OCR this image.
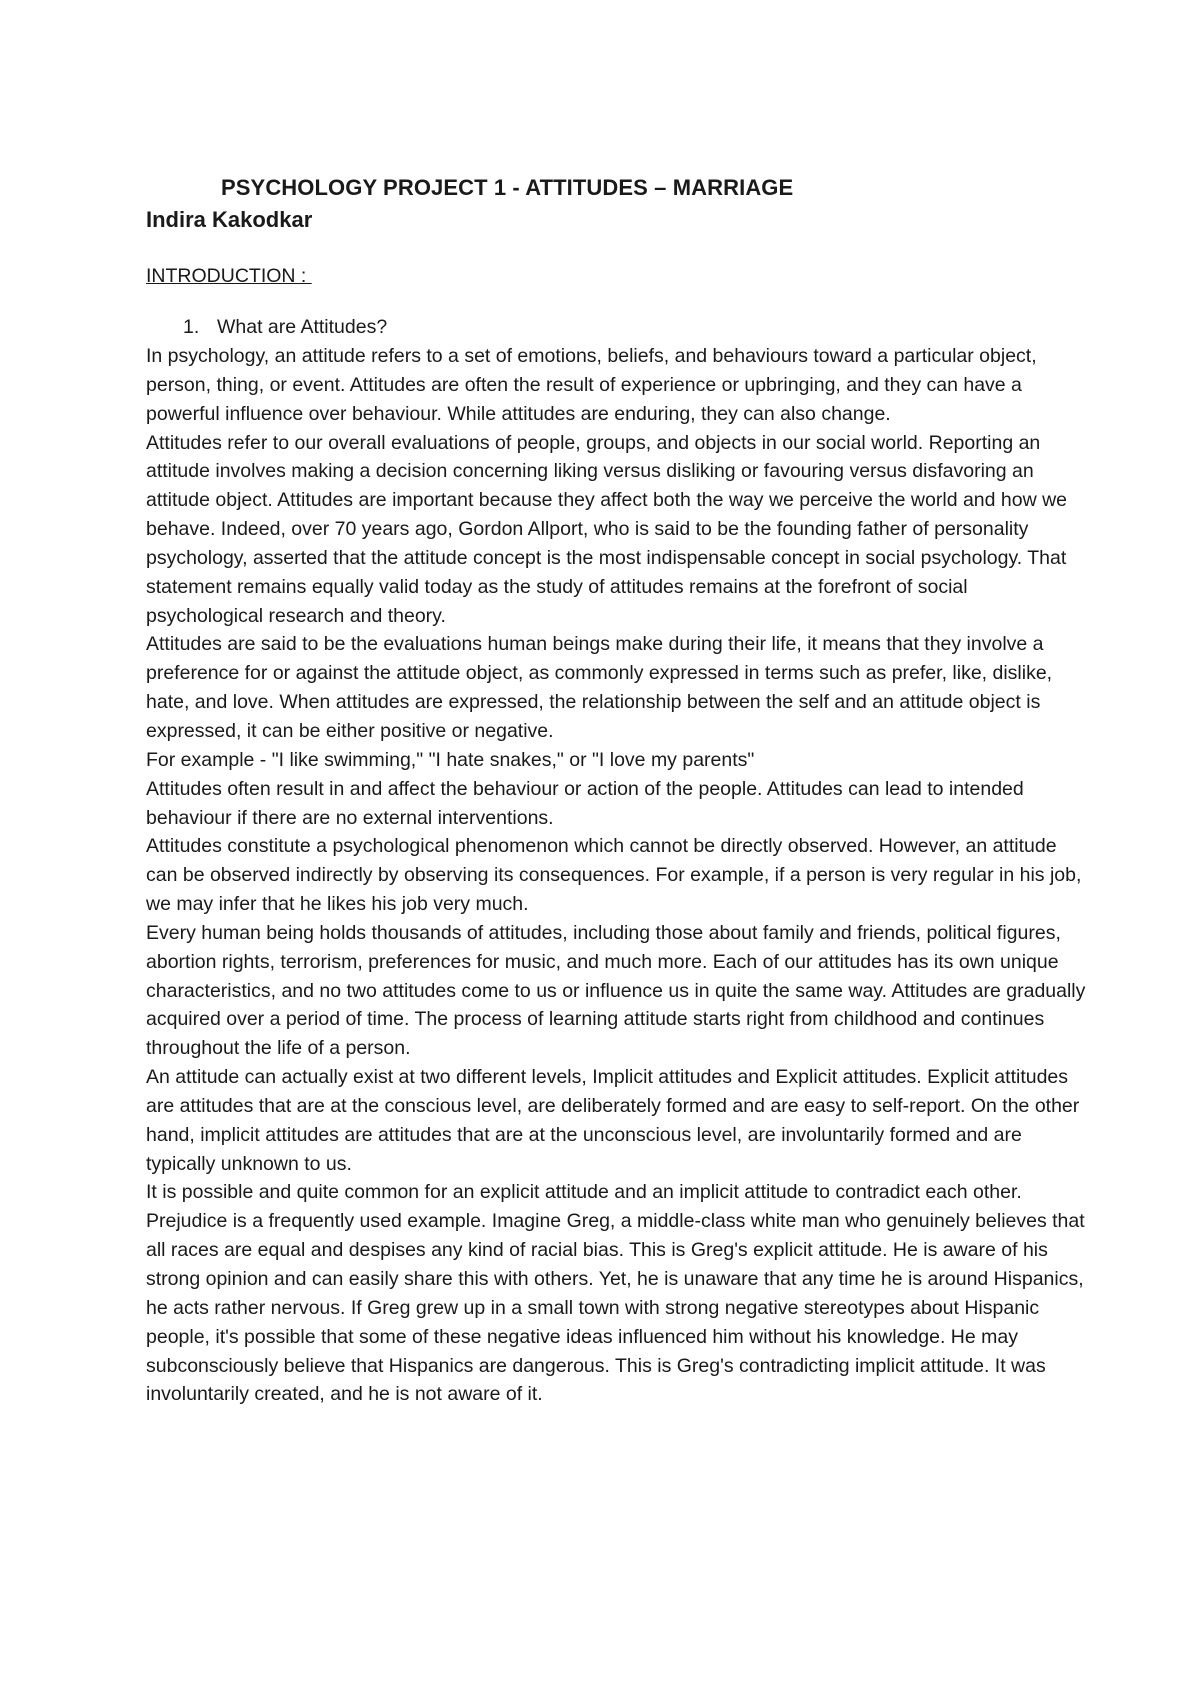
PSYCHOLOGY PROJECT 1 - ATTITUDES – MARRIAGE
Indira Kakodkar
INTRODUCTION :
1. What are Attitudes?

In psychology, an attitude refers to a set of emotions, beliefs, and behaviours toward a particular object, person, thing, or event. Attitudes are often the result of experience or upbringing, and they can have a powerful influence over behaviour. While attitudes are enduring, they can also change.

Attitudes refer to our overall evaluations of people, groups, and objects in our social world. Reporting an attitude involves making a decision concerning liking versus disliking or favouring versus disfavoring an attitude object. Attitudes are important because they affect both the way we perceive the world and how we behave. Indeed, over 70 years ago, Gordon Allport, who is said to be the founding father of personality psychology, asserted that the attitude concept is the most indispensable concept in social psychology. That statement remains equally valid today as the study of attitudes remains at the forefront of social psychological research and theory.

Attitudes are said to be the evaluations human beings make during their life, it means that they involve a preference for or against the attitude object, as commonly expressed in terms such as prefer, like, dislike, hate, and love. When attitudes are expressed, the relationship between the self and an attitude object is expressed, it can be either positive or negative.

For example - "I like swimming," "I hate snakes," or "I love my parents"

Attitudes often result in and affect the behaviour or action of the people. Attitudes can lead to intended behaviour if there are no external interventions.

Attitudes constitute a psychological phenomenon which cannot be directly observed. However, an attitude can be observed indirectly by observing its consequences. For example, if a person is very regular in his job, we may infer that he likes his job very much.

Every human being holds thousands of attitudes, including those about family and friends, political figures, abortion rights, terrorism, preferences for music, and much more. Each of our attitudes has its own unique characteristics, and no two attitudes come to us or influence us in quite the same way. Attitudes are gradually acquired over a period of time. The process of learning attitude starts right from childhood and continues throughout the life of a person.

An attitude can actually exist at two different levels, Implicit attitudes and Explicit attitudes. Explicit attitudes are attitudes that are at the conscious level, are deliberately formed and are easy to self-report. On the other hand, implicit attitudes are attitudes that are at the unconscious level, are involuntarily formed and are typically unknown to us.

It is possible and quite common for an explicit attitude and an implicit attitude to contradict each other. Prejudice is a frequently used example. Imagine Greg, a middle-class white man who genuinely believes that all races are equal and despises any kind of racial bias. This is Greg's explicit attitude. He is aware of his strong opinion and can easily share this with others. Yet, he is unaware that any time he is around Hispanics, he acts rather nervous. If Greg grew up in a small town with strong negative stereotypes about Hispanic people, it's possible that some of these negative ideas influenced him without his knowledge. He may subconsciously believe that Hispanics are dangerous. This is Greg's contradicting implicit attitude. It was involuntarily created, and he is not aware of it.
